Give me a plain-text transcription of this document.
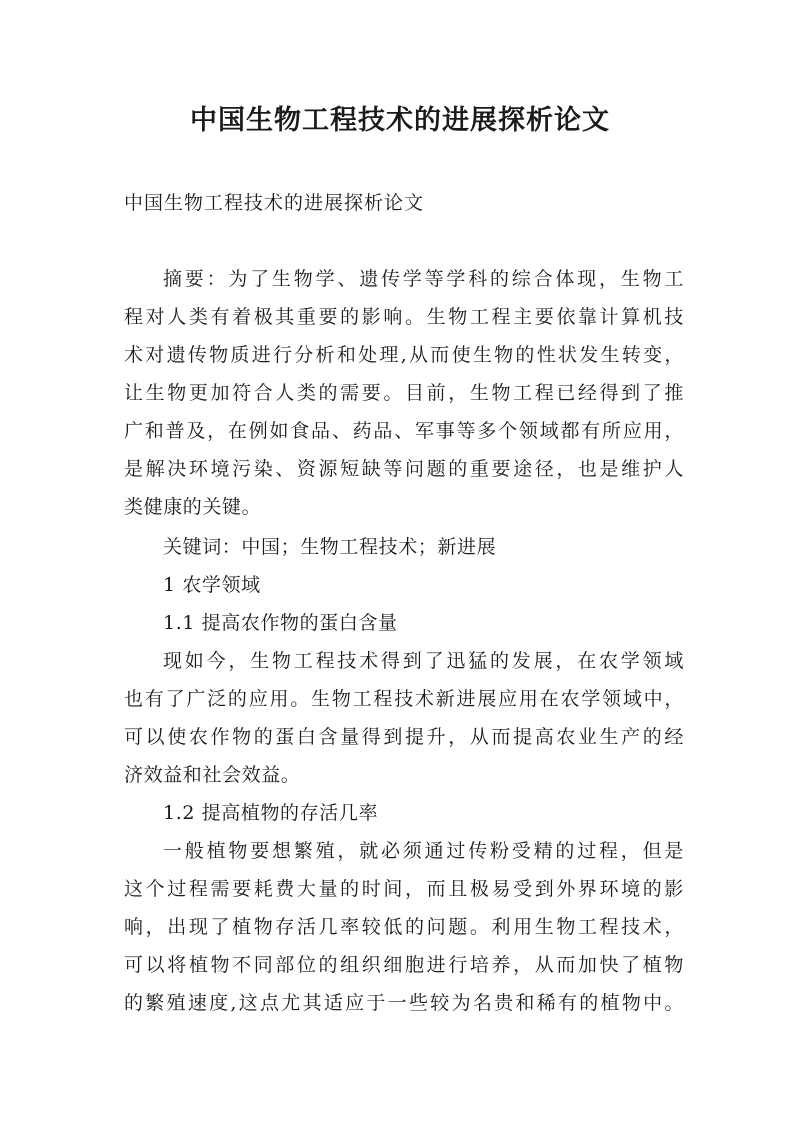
中国生物工程技术的进展探析论文
中国生物工程技术的进展探析论文
摘要：为了生物学、遗传学等学科的综合体现，生物工
程对人类有着极其重要的影响。生物工程主要依靠计算机技
术对遗传物质进行分析和处理,从而使生物的性状发生转变，
让生物更加符合人类的需要。目前，生物工程已经得到了推
广和普及，在例如食品、药品、军事等多个领域都有所应用，
是解决环境污染、资源短缺等问题的重要途径，也是维护人
类健康的关键。
关键词：中国；生物工程技术；新进展
1 农学领域
1.1 提高农作物的蛋白含量
现如今，生物工程技术得到了迅猛的发展，在农学领域
也有了广泛的应用。生物工程技术新进展应用在农学领域中，
可以使农作物的蛋白含量得到提升，从而提高农业生产的经
济效益和社会效益。
1.2 提高植物的存活几率
一般植物要想繁殖，就必须通过传粉受精的过程，但是
这个过程需要耗费大量的时间，而且极易受到外界环境的影
响，出现了植物存活几率较低的问题。利用生物工程技术，
可以将植物不同部位的组织细胞进行培养，从而加快了植物
的繁殖速度,这点尤其适应于一些较为名贵和稀有的植物中。
